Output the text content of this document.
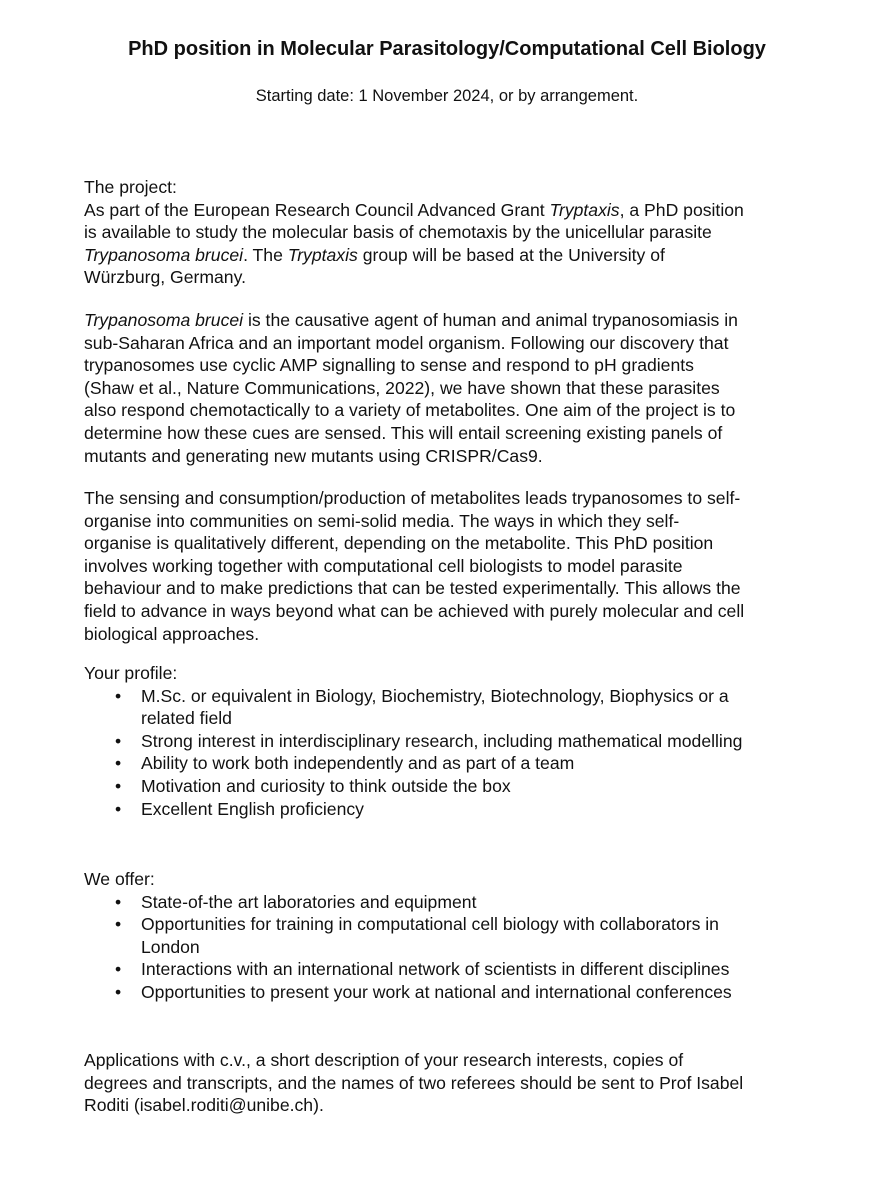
PhD position in Molecular Parasitology/Computational Cell Biology
Starting date: 1 November 2024, or by arrangement.
The project:
As part of the European Research Council Advanced Grant Tryptaxis, a PhD position
is available to study the molecular basis of chemotaxis by the unicellular parasite
Trypanosoma brucei. The Tryptaxis group will be based at the University of
Würzburg, Germany.
Trypanosoma brucei is the causative agent of human and animal trypanosomiasis in
sub-Saharan Africa and an important model organism. Following our discovery that
trypanosomes use cyclic AMP signalling to sense and respond to pH gradients
(Shaw et al., Nature Communications, 2022), we have shown that these parasites
also respond chemotactically to a variety of metabolites. One aim of the project is to
determine how these cues are sensed. This will entail screening existing panels of
mutants and generating new mutants using CRISPR/Cas9.
The sensing and consumption/production of metabolites leads trypanosomes to self-
organise into communities on semi-solid media. The ways in which they self-
organise is qualitatively different, depending on the metabolite. This PhD position
involves working together with computational cell biologists to model parasite
behaviour and to make predictions that can be tested experimentally. This allows the
field to advance in ways beyond what can be achieved with purely molecular and cell
biological approaches.
Your profile:
• M.Sc. or equivalent in Biology, Biochemistry, Biotechnology, Biophysics or a
related field
• Strong interest in interdisciplinary research, including mathematical modelling
• Ability to work both independently and as part of a team
• Motivation and curiosity to think outside the box
• Excellent English proficiency
We offer:
• State-of-the art laboratories and equipment
• Opportunities for training in computational cell biology with collaborators in
London
• Interactions with an international network of scientists in different disciplines
• Opportunities to present your work at national and international conferences
Applications with c.v., a short description of your research interests, copies of
degrees and transcripts, and the names of two referees should be sent to Prof Isabel
Roditi (isabel.roditi@unibe.ch).
